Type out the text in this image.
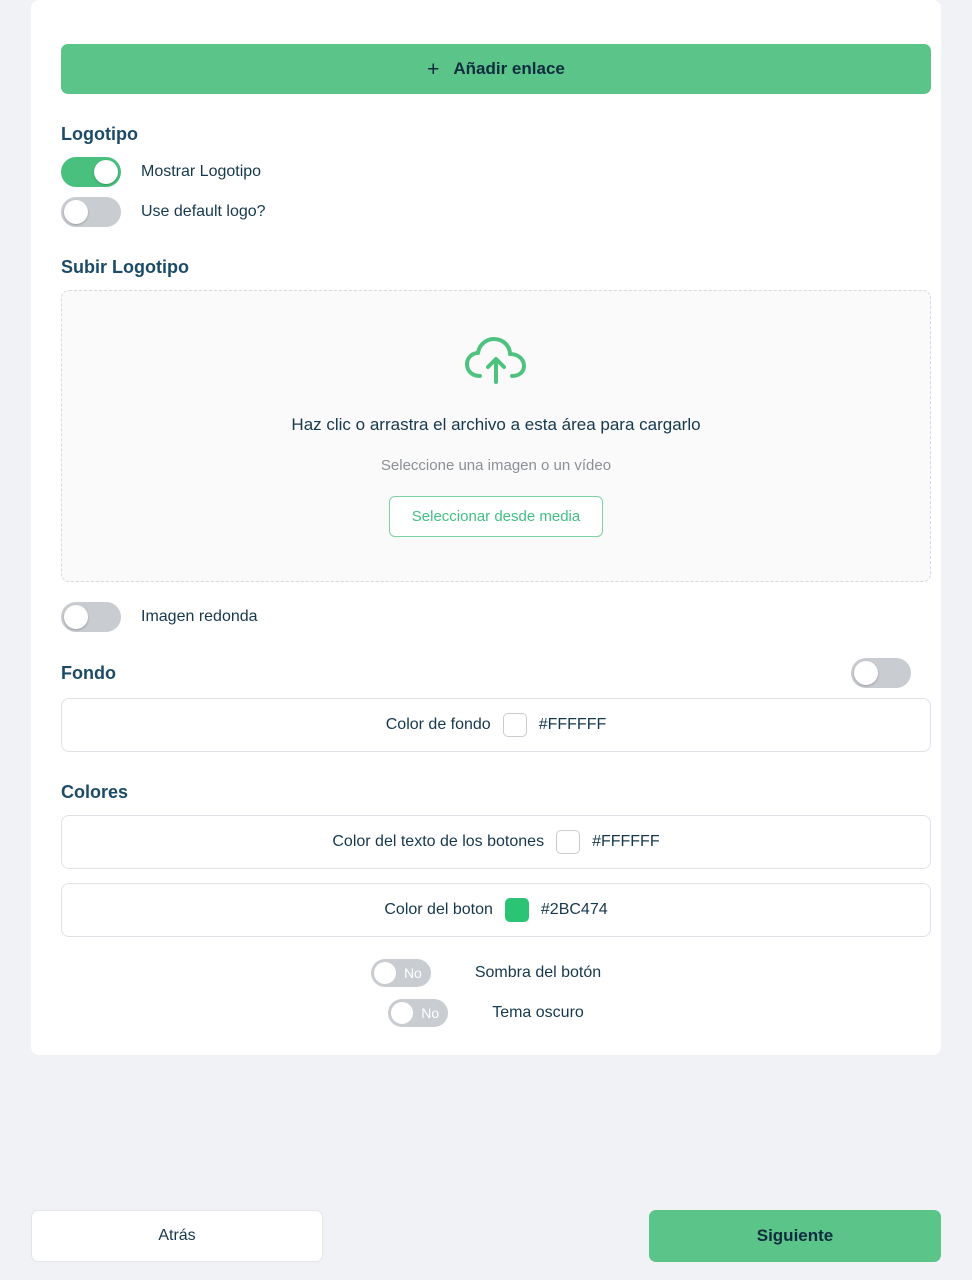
+ Añadir enlace
Logotipo
Mostrar Logotipo
Use default logo?
Subir Logotipo
Haz clic o arrastra el archivo a esta área para cargarlo
Seleccione una imagen o un vídeo
Seleccionar desde media
Imagen redonda
Fondo
Color de fondo	#FFFFFF
Colores
Color del texto de los botones	#FFFFFF
Color del boton	#2BC474
No	Sombra del botón
No	Tema oscuro
Atrás	Siguiente
